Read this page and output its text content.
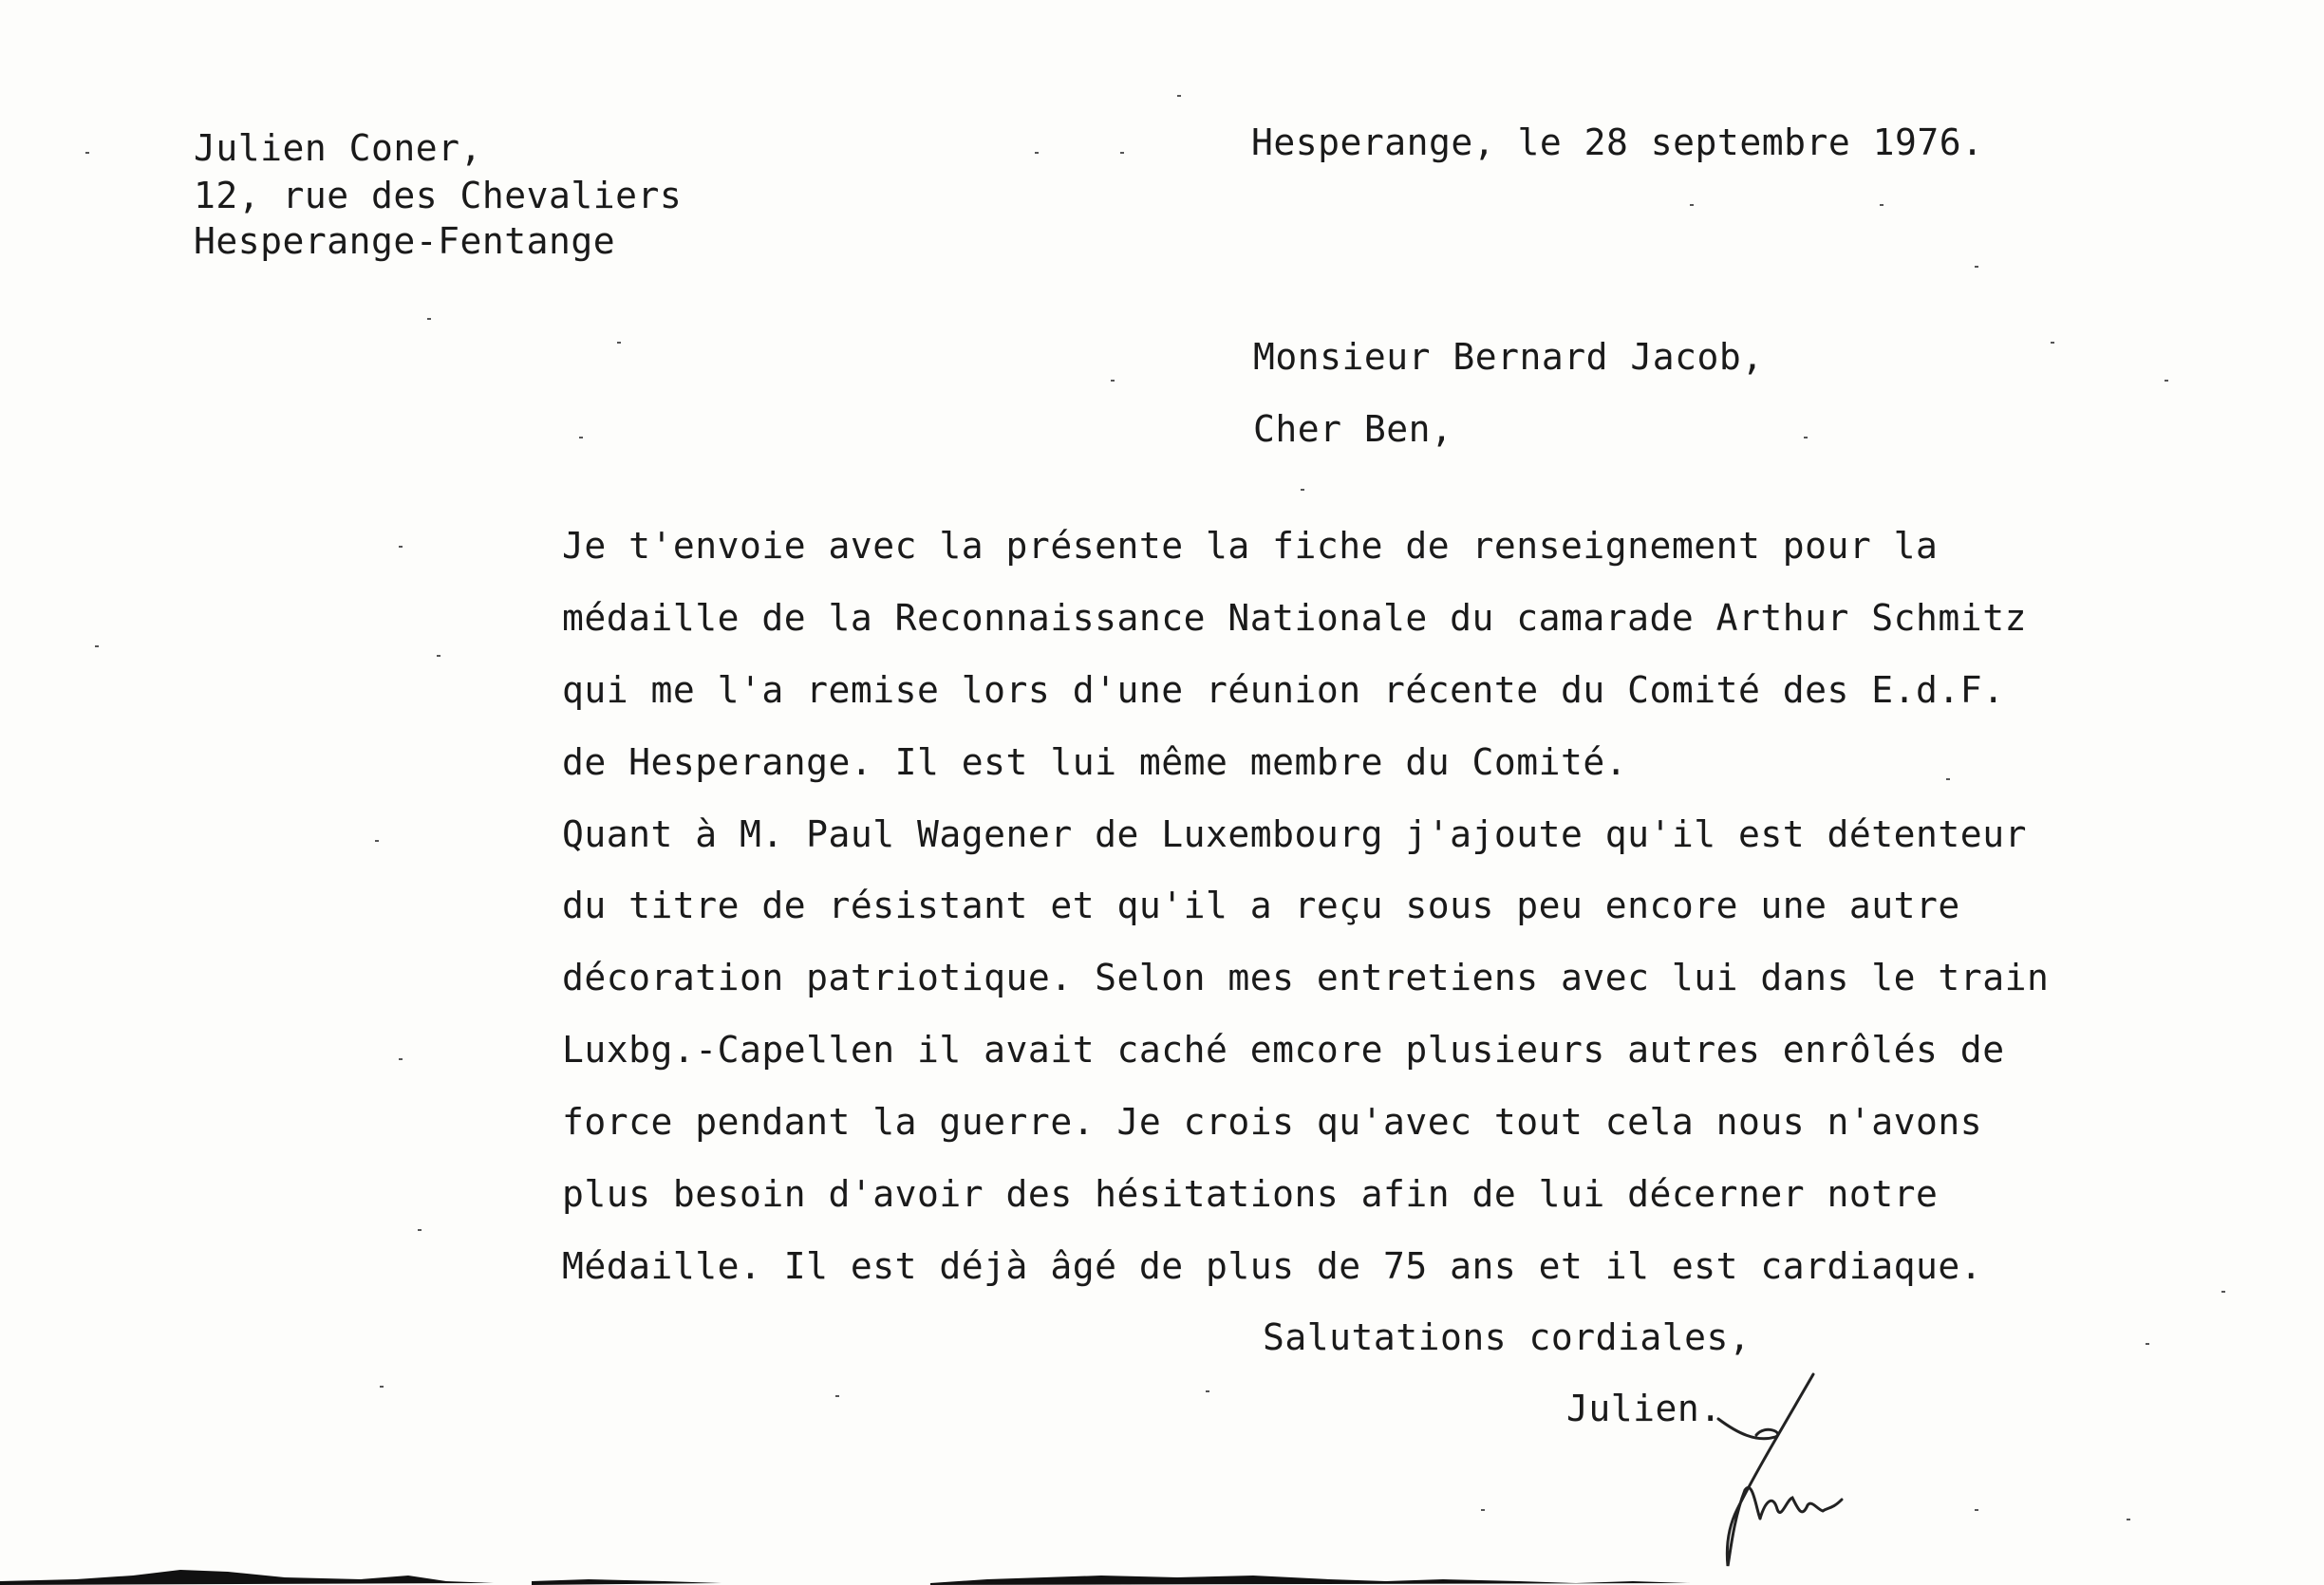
Julien Coner,
12, rue des Chevaliers
Hesperange-Fentange
Hesperange, le 28 septembre 1976.
Monsieur Bernard Jacob,
Cher Ben,
Je t'envoie avec la présente la fiche de renseignement pour la
médaille de la Reconnaissance Nationale du camarade Arthur Schmitz
qui me l'a remise lors d'une réunion récente du Comité des E.d.F.
de Hesperange. Il est lui même membre du Comité.
Quant à M. Paul Wagener de Luxembourg j'ajoute qu'il est détenteur
du titre de résistant et qu'il a reçu sous peu encore une autre
décoration patriotique. Selon mes entretiens avec lui dans le train
Luxbg.-Capellen il avait caché emcore plusieurs autres enrôlés de
force pendant la guerre. Je crois qu'avec tout cela nous n'avons
plus besoin d'avoir des hésitations afin de lui décerner notre
Médaille. Il est déjà âgé de plus de 75 ans et il est cardiaque.
Salutations cordiales,
Julien.
